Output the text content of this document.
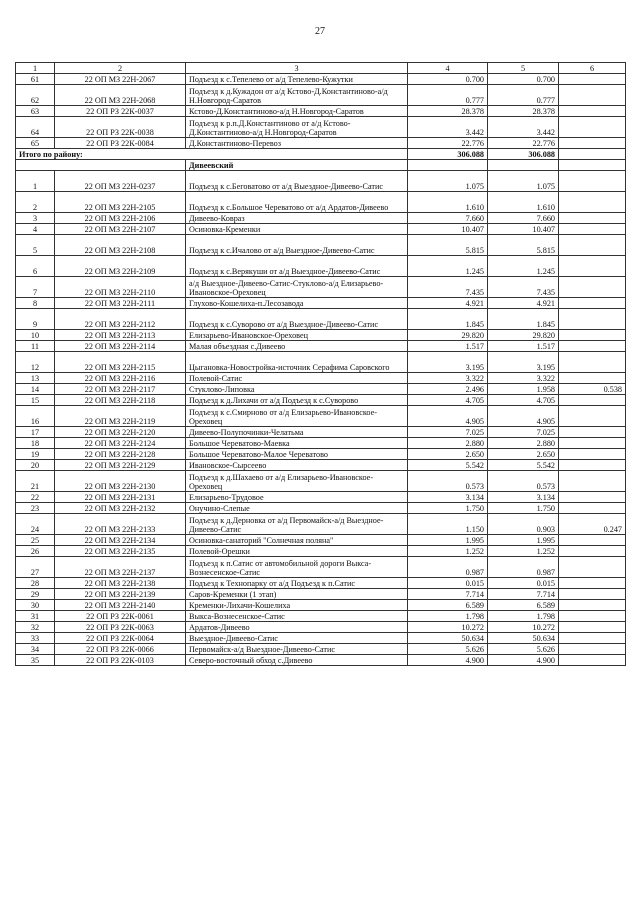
27
1	2	3	4	5	6
61	22 ОП МЗ 22Н-2067	Подъезд к с.Тепелево от а/д Тепелево-Кужутки	0.700	0.700	
62	22 ОП МЗ 22Н-2068	Подъезд к д.Кужадон от а/д Кстово-Д.Константиново-а/д Н.Новгород-Саратов	0.777	0.777	
63	22 ОП РЗ 22К-0037	Кстово-Д.Константиново-а/д Н.Новгород-Саратов	28.378	28.378	
64	22 ОП РЗ 22К-0038	Подъезд к р.п.Д.Константиново от а/д Кстово-Д.Константиново-а/д Н.Новгород-Саратов	3.442	3.442	
65	22 ОП РЗ 22К-0084	Д.Константиново-Перевоз	22.776	22.776	
Итого по району:			306.088	306.088	
		Дивеевский			
1	22 ОП МЗ 22Н-0237	Подъезд к с.Беговатово от а/д Выездное-Дивеево-Сатис	1.075	1.075	
2	22 ОП МЗ 22Н-2105	Подъезд к с.Большое Череватово от а/д Ардатов-Дивеево	1.610	1.610	
3	22 ОП МЗ 22Н-2106	Дивеево-Ковраз	7.660	7.660	
4	22 ОП МЗ 22Н-2107	Осиновка-Кременки	10.407	10.407	
5	22 ОП МЗ 22Н-2108	Подъезд к с.Ичалово от а/д Выездное-Дивеево-Сатис	5.815	5.815	
6	22 ОП МЗ 22Н-2109	Подъезд к с.Верякуши от а/д Выездное-Дивеево-Сатис	1.245	1.245	
7	22 ОП МЗ 22Н-2110	а/д Выездное-Дивеево-Сатис-Стуклово-а/д Елизарьево-Ивановское-Ореховец	7.435	7.435	
8	22 ОП МЗ 22Н-2111	Глухово-Кошелиха-п.Лесозавода	4.921	4.921	
9	22 ОП МЗ 22Н-2112	Подъезд к с.Суворово от а/д Выездное-Дивеево-Сатис	1.845	1.845	
10	22 ОП МЗ 22Н-2113	Елизарьево-Ивановское-Ореховец	29.820	29.820	
11	22 ОП МЗ 22Н-2114	Малая объездная с.Дивеево	1.517	1.517	
12	22 ОП МЗ 22Н-2115	Цыгановка-Новостройка-источник Серафима Саровского	3.195	3.195	
13	22 ОП МЗ 22Н-2116	Полевой-Сатис	3.322	3.322	
14	22 ОП МЗ 22Н-2117	Стуклово-Липовка	2.496	1.958	0.538
15	22 ОП МЗ 22Н-2118	Подъезд к д.Лихачи от а/д Подъезд к с.Суворово	4.705	4.705	
16	22 ОП МЗ 22Н-2119	Подъезд к с.Смирново от а/д Елизарьево-Ивановское-Ореховец	4.905	4.905	
17	22 ОП МЗ 22Н-2120	Дивеево-Полупочинки-Челатьма	7.025	7.025	
18	22 ОП МЗ 22Н-2124	Большое Череватово-Маевка	2.880	2.880	
19	22 ОП МЗ 22Н-2128	Большое Череватово-Малое Череватово	2.650	2.650	
20	22 ОП МЗ 22Н-2129	Ивановское-Сырсеево	5.542	5.542	
21	22 ОП МЗ 22Н-2130	Подъезд к д.Шахаево от а/д Елизарьево-Ивановское-Ореховец	0.573	0.573	
22	22 ОП МЗ 22Н-2131	Елизарьево-Трудовое	3.134	3.134	
23	22 ОП МЗ 22Н-2132	Онучино-Слепые	1.750	1.750	
24	22 ОП МЗ 22Н-2133	Подъезд к д.Дерновка от а/д Первомайск-а/д Выездное-Дивеево-Сатис	1.150	0.903	0.247
25	22 ОП МЗ 22Н-2134	Осиновка-санаторий "Солнечная поляна"	1.995	1.995	
26	22 ОП МЗ 22Н-2135	Полевой-Орешки	1.252	1.252	
27	22 ОП МЗ 22Н-2137	Подъезд к п.Сатис от автомобильной дороги Выкса-Вознесенское-Сатис	0.987	0.987	
28	22 ОП МЗ 22Н-2138	Подъезд к Технопарку от а/д Подъезд к п.Сатис	0.015	0.015	
29	22 ОП МЗ 22Н-2139	Саров-Кременки (1 этап)	7.714	7.714	
30	22 ОП МЗ 22Н-2140	Кременки-Лихачи-Кошелиха	6.589	6.589	
31	22 ОП РЗ 22К-0061	Выкса-Вознесенское-Сатис	1.798	1.798	
32	22 ОП РЗ 22К-0063	Ардатов-Дивеево	10.272	10.272	
33	22 ОП РЗ 22К-0064	Выездное-Дивеево-Сатис	50.634	50.634	
34	22 ОП РЗ 22К-0066	Первомайск-а/д Выездное-Дивеево-Сатис	5.626	5.626	
35	22 ОП РЗ 22К-0103	Северо-восточный обход с.Дивеево	4.900	4.900	
